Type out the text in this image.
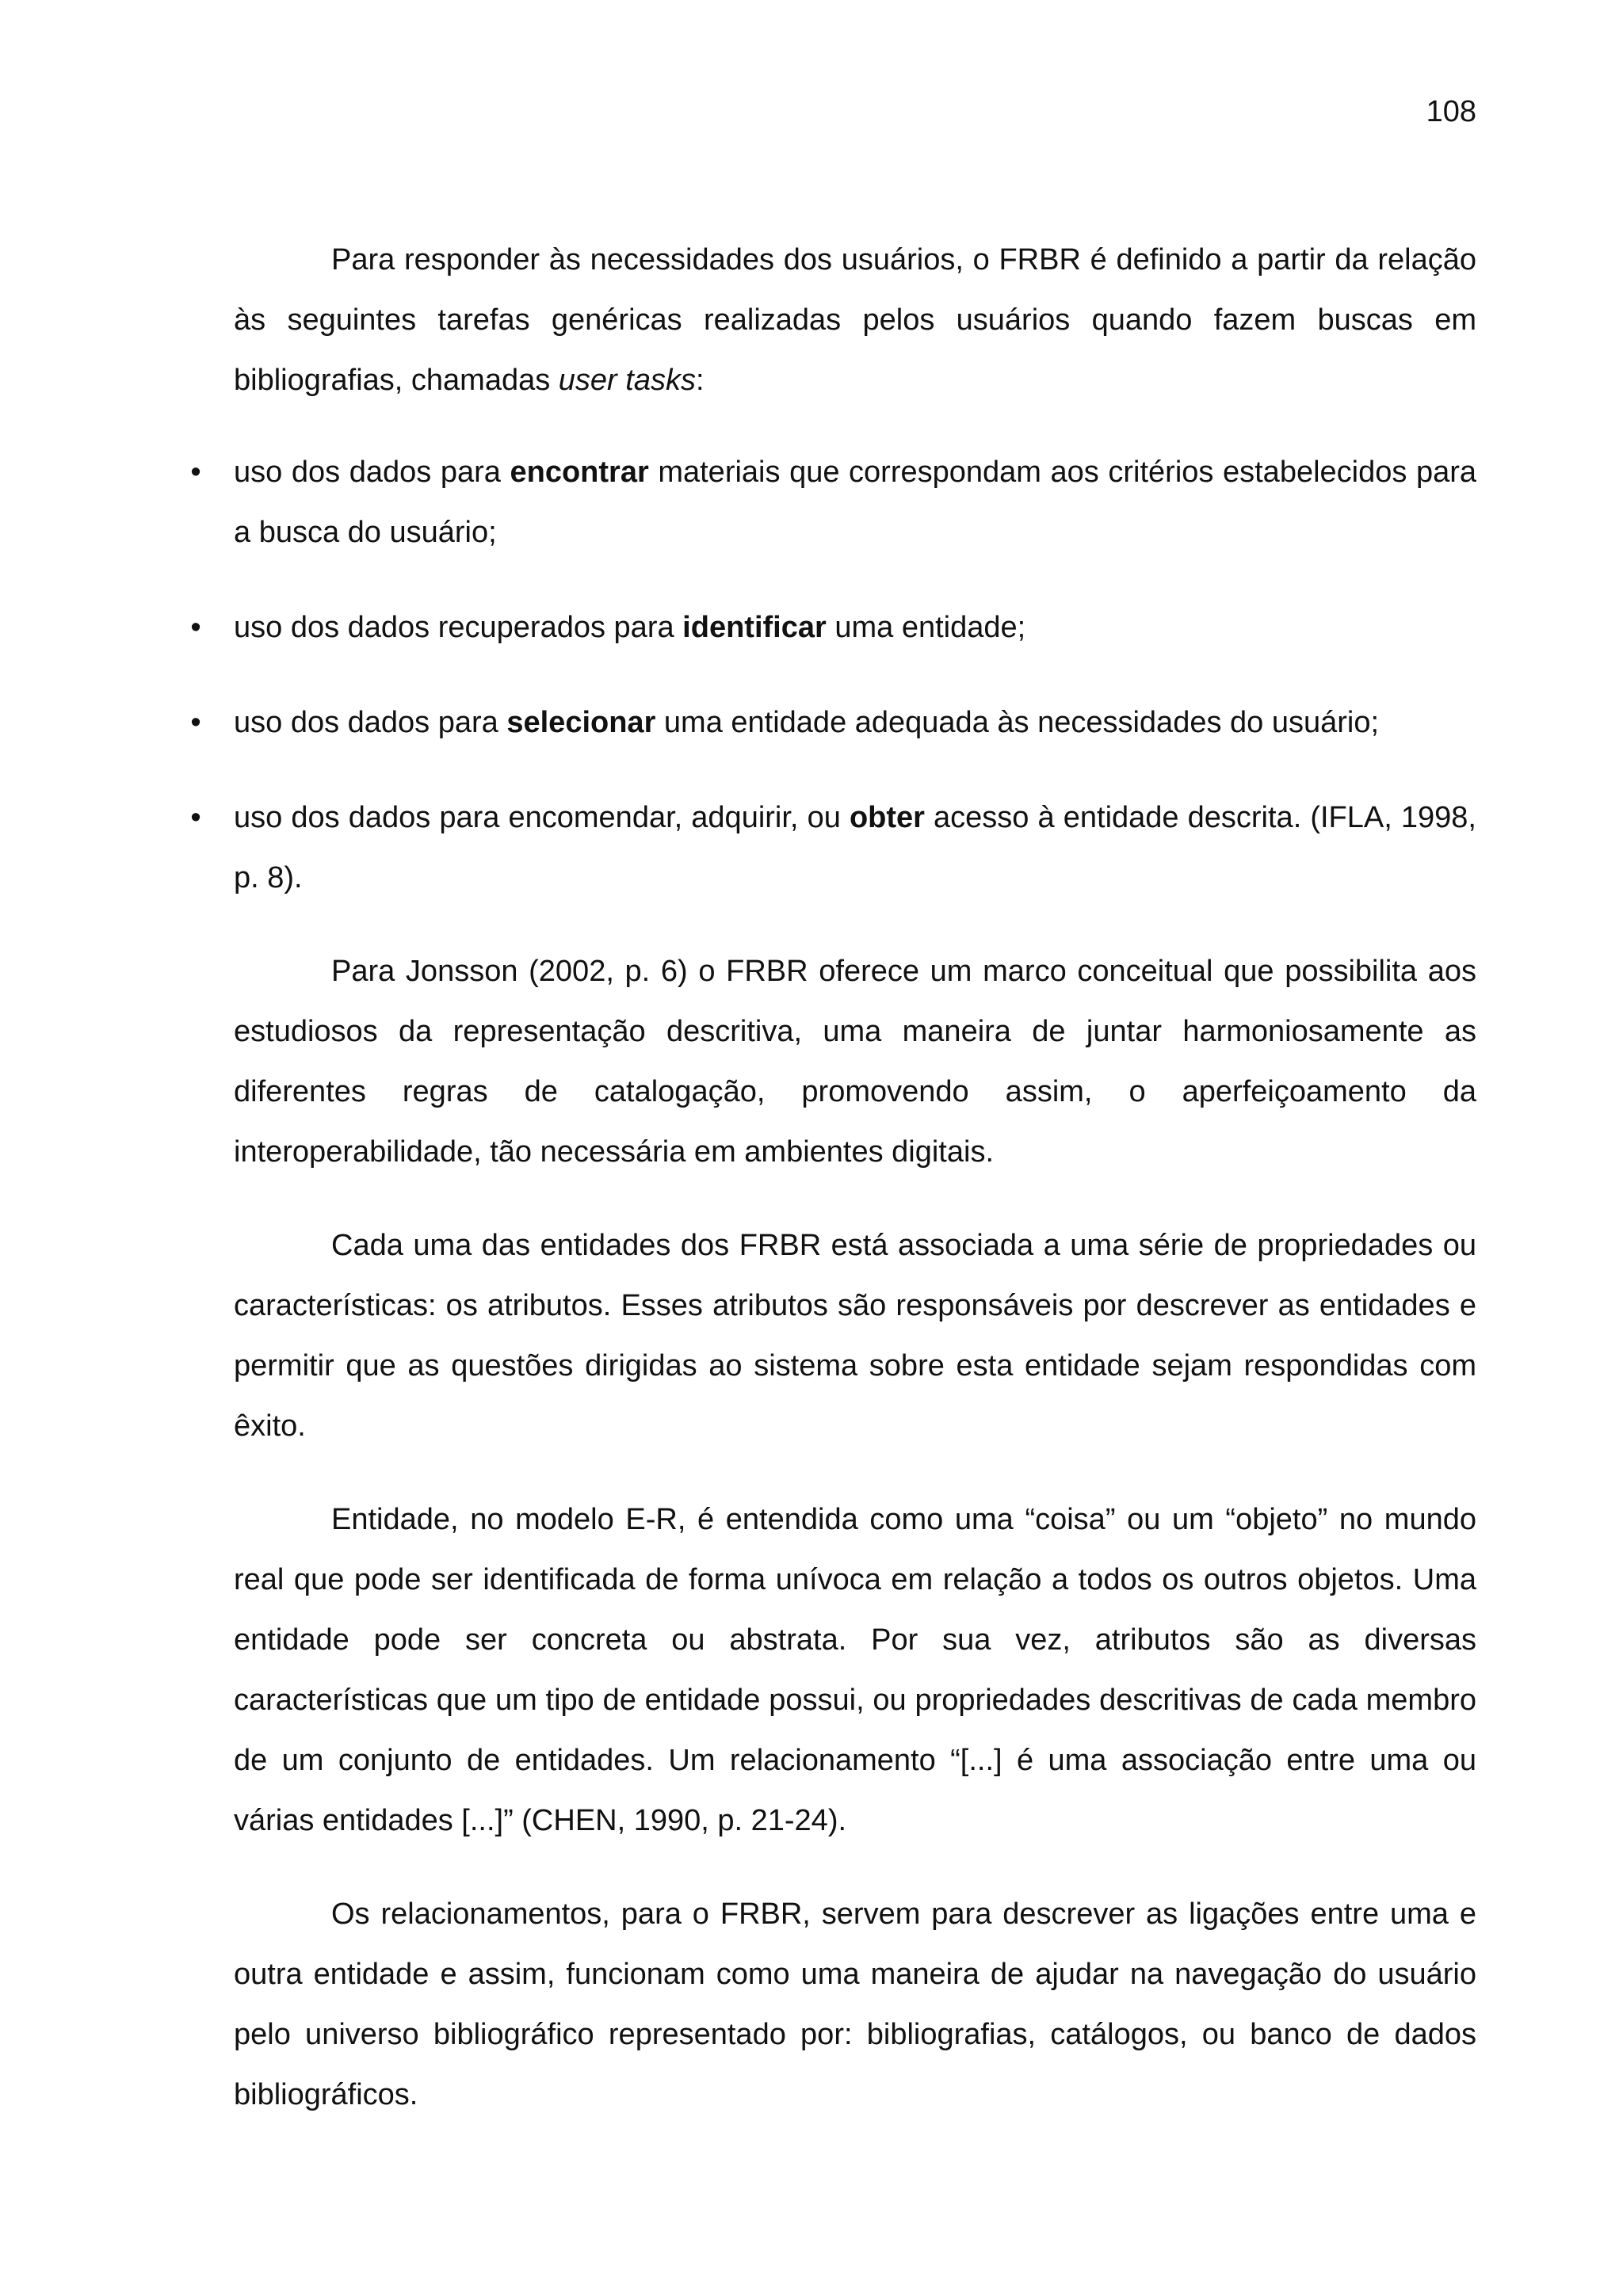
108

Para responder às necessidades dos usuários, o FRBR é definido a partir da relação às seguintes tarefas genéricas realizadas pelos usuários quando fazem buscas em bibliografias, chamadas user tasks:

• uso dos dados para encontrar materiais que correspondam aos critérios estabelecidos para a busca do usuário;
• uso dos dados recuperados para identificar uma entidade;
• uso dos dados para selecionar uma entidade adequada às necessidades do usuário;
• uso dos dados para encomendar, adquirir, ou obter acesso à entidade descrita. (IFLA, 1998, p. 8).

Para Jonsson (2002, p. 6) o FRBR oferece um marco conceitual que possibilita aos estudiosos da representação descritiva, uma maneira de juntar harmoniosamente as diferentes regras de catalogação, promovendo assim, o aperfeiçoamento da interoperabilidade, tão necessária em ambientes digitais.

Cada uma das entidades dos FRBR está associada a uma série de propriedades ou características: os atributos. Esses atributos são responsáveis por descrever as entidades e permitir que as questões dirigidas ao sistema sobre esta entidade sejam respondidas com êxito.

Entidade, no modelo E-R, é entendida como uma “coisa” ou um “objeto” no mundo real que pode ser identificada de forma unívoca em relação a todos os outros objetos. Uma entidade pode ser concreta ou abstrata. Por sua vez, atributos são as diversas características que um tipo de entidade possui, ou propriedades descritivas de cada membro de um conjunto de entidades. Um relacionamento “[...] é uma associação entre uma ou várias entidades [...]” (CHEN, 1990, p. 21-24).

Os relacionamentos, para o FRBR, servem para descrever as ligações entre uma e outra entidade e assim, funcionam como uma maneira de ajudar na navegação do usuário pelo universo bibliográfico representado por: bibliografias, catálogos, ou banco de dados bibliográficos.
